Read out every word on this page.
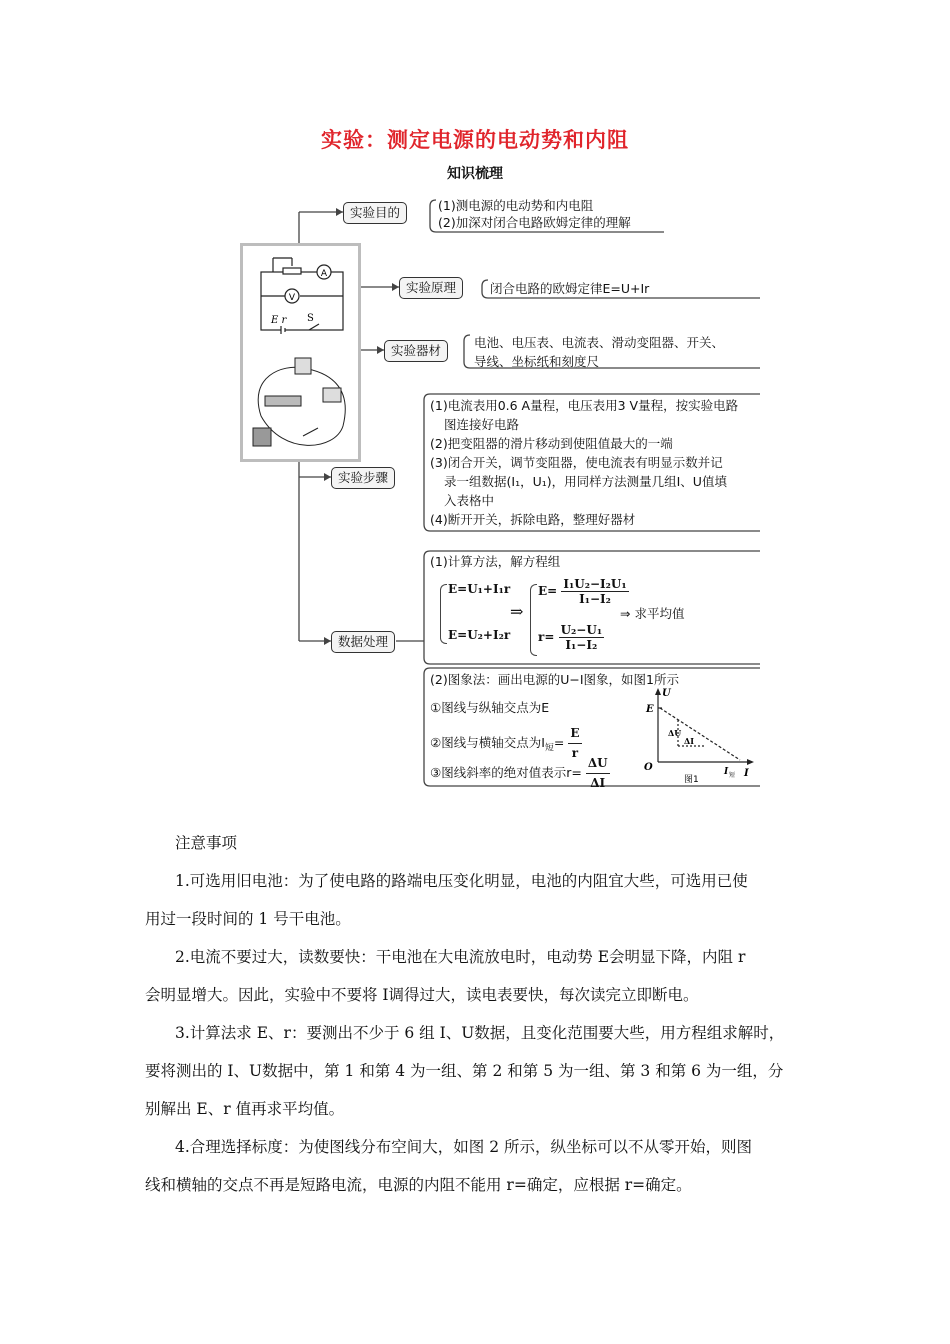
实验：测定电源的电动势和内阻
知识梳理
A
V
E r S
实验目的
实验原理
实验器材
实验步骤
数据处理
(1)测电源的电动势和内电阻
(2)加深对闭合电路欧姆定律的理解
闭合电路的欧姆定律E=U+Ir
电池、电压表、电流表、滑动变阻器、开关、
导线、坐标纸和刻度尺
(1)电流表用0.6 A量程，电压表用3 V量程，按实验电路
图连接好电路
(2)把变阻器的滑片移动到使阻值最大的一端
(3)闭合开关，调节变阻器，使电流表有明显示数并记
录一组数据(I₁，U₁)，用同样方法测量几组I、U值填
入表格中
(4)断开开关，拆除电路，整理好器材
(1)计算方法，解方程组
E=U₁+I₁r
E=U₂+I₂r
⇒
$E= \frac{\text{I₁U₂−I₂U₁}}{\text{I₁−I₂}}$
$r= \frac{\text{U₂−U₁}}{\text{I₁−I₂}}$
⇒ 求平均值
(2)图象法：画出电源的U−I图象，如图1所示
①图线与纵轴交点为E
②图线与横轴交点为$I_短= \frac{E}{r}$
③图线斜率的绝对值表示$r= \frac{\Delta U}{\Delta I}$
U
I
O
E
ΔU
ΔI
I 短
图1

注意事项

1.可选用旧电池：为了使电路的路端电压变化明显，电池的内阻宜大些，可选用已使

用过一段时间的 1 号干电池。

2.电流不要过大，读数要快：干电池在大电流放电时，电动势 E会明显下降，内阻 r

会明显增大。因此，实验中不要将 I调得过大，读电表要快，每次读完立即断电。

3.计算法求 E、r：要测出不少于 6 组 I、U数据，且变化范围要大些，用方程组求解时，

要将测出的 I、U数据中，第 1 和第 4 为一组、第 2 和第 5 为一组、第 3 和第 6 为一组，分

别解出 E、r 值再求平均值。

4.合理选择标度：为使图线分布空间大，如图 2 所示，纵坐标可以不从零开始，则图

线和横轴的交点不再是短路电流，电源的内阻不能用 r=确定，应根据 r=确定。
